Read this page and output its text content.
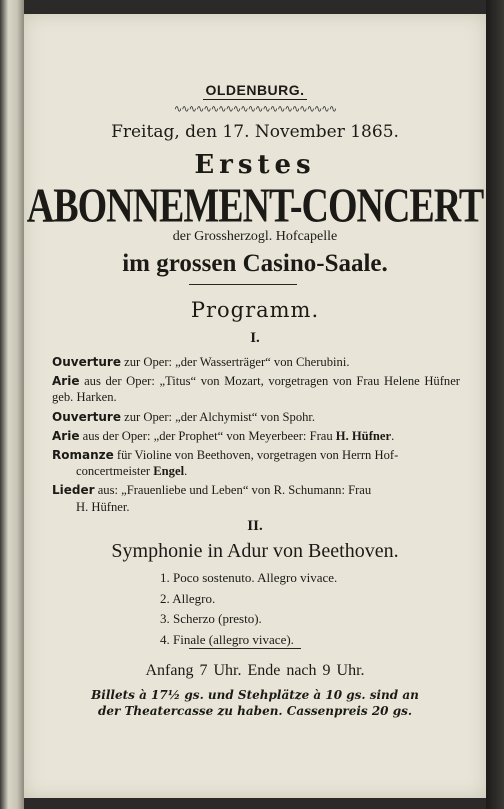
OLDENBURG.
∿∿∿∿∿∿∿∿∿∿∿∿∿∿∿∿∿∿∿∿∿∿
Freitag, den 17. November 1865.
Erstes
ABONNEMENT-CONCERT
der Grossherzogl. Hofcapelle
im grossen Casino-Saale.
Programm.
I.
Ouverture zur Oper: „der Wasserträger“ von Cherubini.
Arie aus der Oper: „Titus“ von Mozart, vorgetragen von Frau Helene Hüfner geb. Harken.
Ouverture zur Oper: „der Alchymist“ von Spohr.
Arie aus der Oper: „der Prophet“ von Meyerbeer: Frau H. Hüfner.
Romanze für Violine von Beethoven, vorgetragen von Herrn Hof-
concertmeister Engel.
Lieder aus: „Frauenliebe und Leben“ von R. Schumann: Frau
H. Hüfner.
II.
Symphonie in Adur von Beethoven.
1. Poco sostenuto. Allegro vivace.
2. Allegro.
3. Scherzo (presto).
4. Finale (allegro vivace).
Anfang 7 Uhr. Ende nach 9 Uhr.
Billets à 17½ gs. und Stehplätze à 10 gs. sind an
der Theatercasse zu haben. Cassenpreis 20 gs.
